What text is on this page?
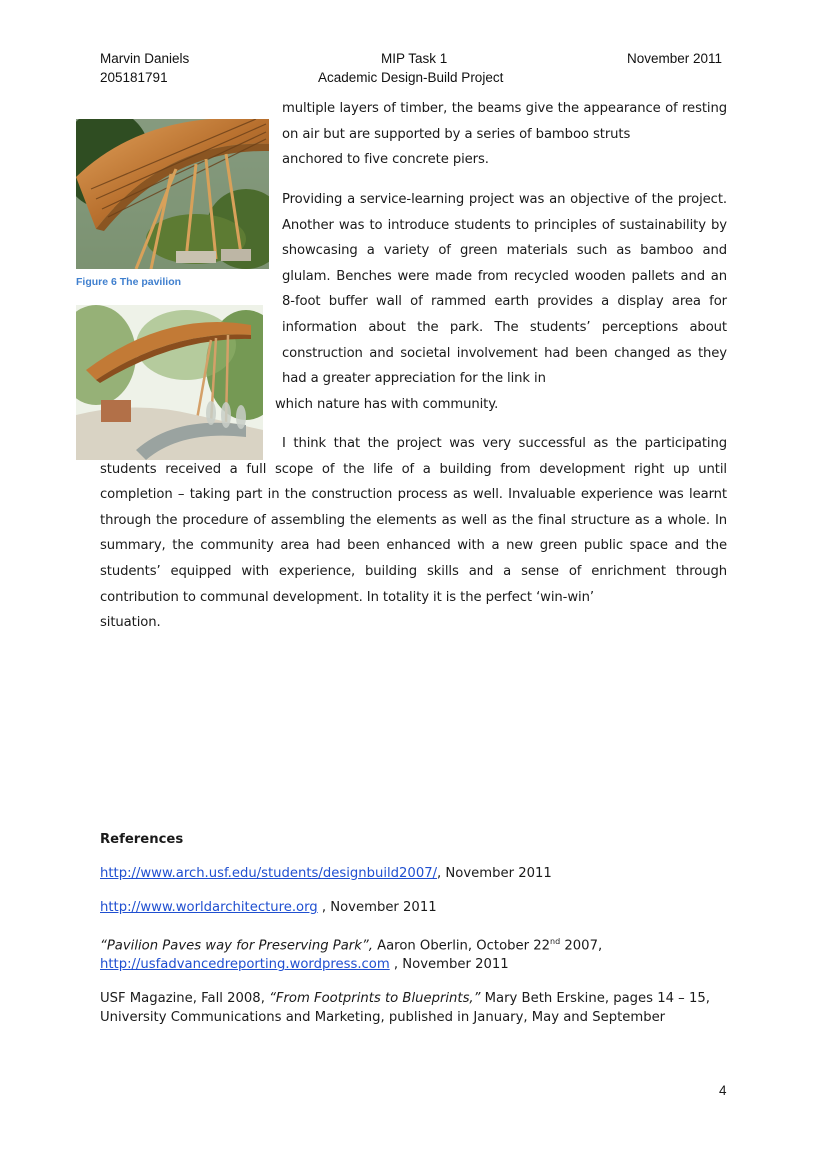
Marvin Daniels
205181791
MIP Task 1
Academic Design-Build Project
November 2011
Figure 6 The pavilion

multiple layers of timber, the beams give the appearance of resting on air but are supported by a series of bamboo struts

anchored to five concrete piers.

Providing a service-learning project was an objective of the project. Another was to introduce students to principles of sustainability by showcasing a variety of green materials such as bamboo and glulam. Benches were made from recycled wooden pallets and an 8-foot buffer wall of rammed earth provides a display area for information about the park. The students’ perceptions about construction and societal involvement had been changed as they had a greater appreciation for the link in

which nature has with community.

I think that the project was very successful as the participating

students received a full scope of the life of a building from development right up until completion – taking part in the construction process as well. Invaluable experience was learnt through the procedure of assembling the elements as well as the final structure as a whole. In summary, the community area had been enhanced with a new green public space and the students’ equipped with experience, building skills and a sense of enrichment through contribution to communal development. In totality it is the perfect ‘win-win’

situation.

References

http://www.arch.usf.edu/students/designbuild2007/, November 2011

http://www.worldarchitecture.org , November 2011

“Pavilion Paves way for Preserving Park”, Aaron Oberlin, October 22nd 2007,
http://usfadvancedreporting.wordpress.com , November 2011

USF Magazine, Fall 2008, “From Footprints to Blueprints,” Mary Beth Erskine, pages 14 – 15,
University Communications and Marketing, published in January, May and September

4
